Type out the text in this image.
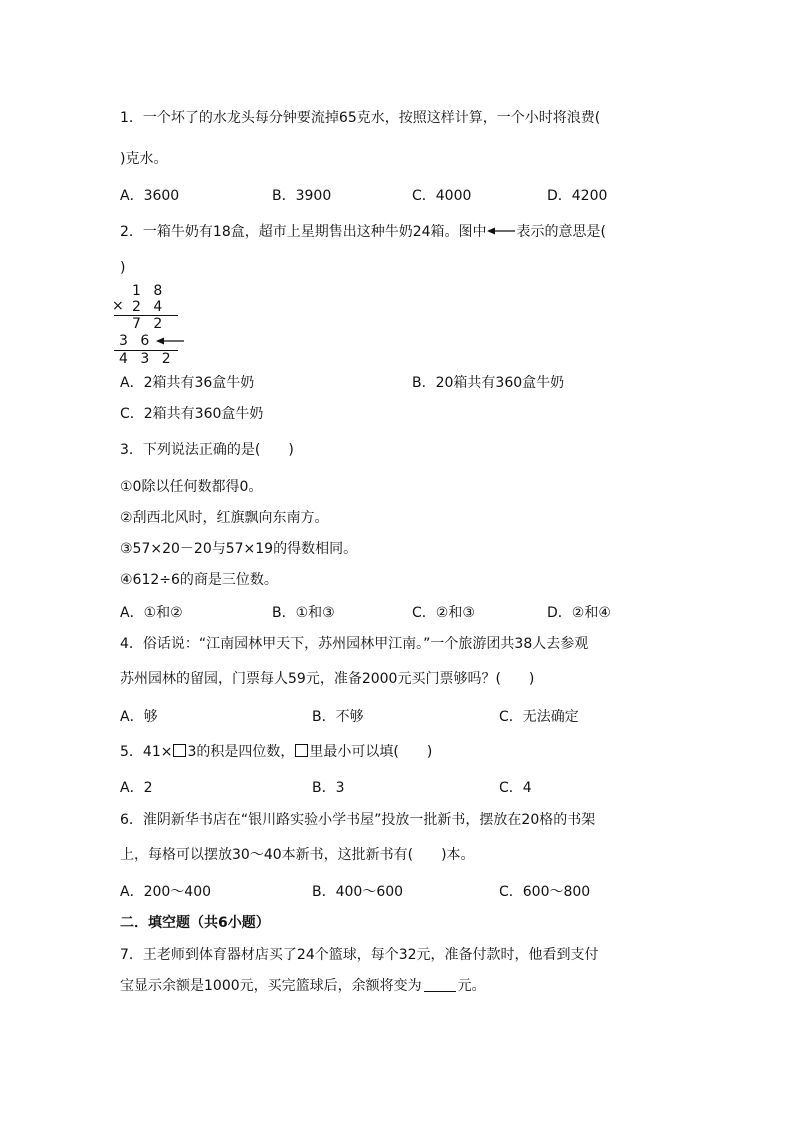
1．一个坏了的水龙头每分钟要流掉65克水，按照这样计算，一个小时将浪费(
)克水。
A．3600	B．3900	C．4000	D．4200
2．一箱牛奶有18盒，超市上星期售出这种牛奶24箱。图中 表示的意思是(
)
1 8
× 2 4
7 2
3 6
4 3 2
A．2箱共有36盒牛奶	B．20箱共有360盒牛奶
C．2箱共有360盒牛奶
3．下列说法正确的是(　　)
①0除以任何数都得0。
②刮西北风时，红旗飘向东南方。
③57×20－20与57×19的得数相同。
④612÷6的商是三位数。
A．①和②	B．①和③	C．②和③	D．②和④
4．俗话说：“江南园林甲天下，苏州园林甲江南。”一个旅游团共38人去参观
苏州园林的留园，门票每人59元，准备2000元买门票够吗？(　　)
A．够	B．不够	C．无法确定
5．41× 3的积是四位数， 里最小可以填(　　)
A．2	B．3	C．4
6．淮阴新华书店在“银川路实验小学书屋”投放一批新书，摆放在20格的书架
上，每格可以摆放30～40本新书，这批新书有(　　)本。
A．200～400	B．400～600	C．600～800
二．填空题（共6小题）
7．王老师到体育器材店买了24个篮球，每个32元，准备付款时，他看到支付
宝显示余额是1000元，买完篮球后，余额将变为	元。
